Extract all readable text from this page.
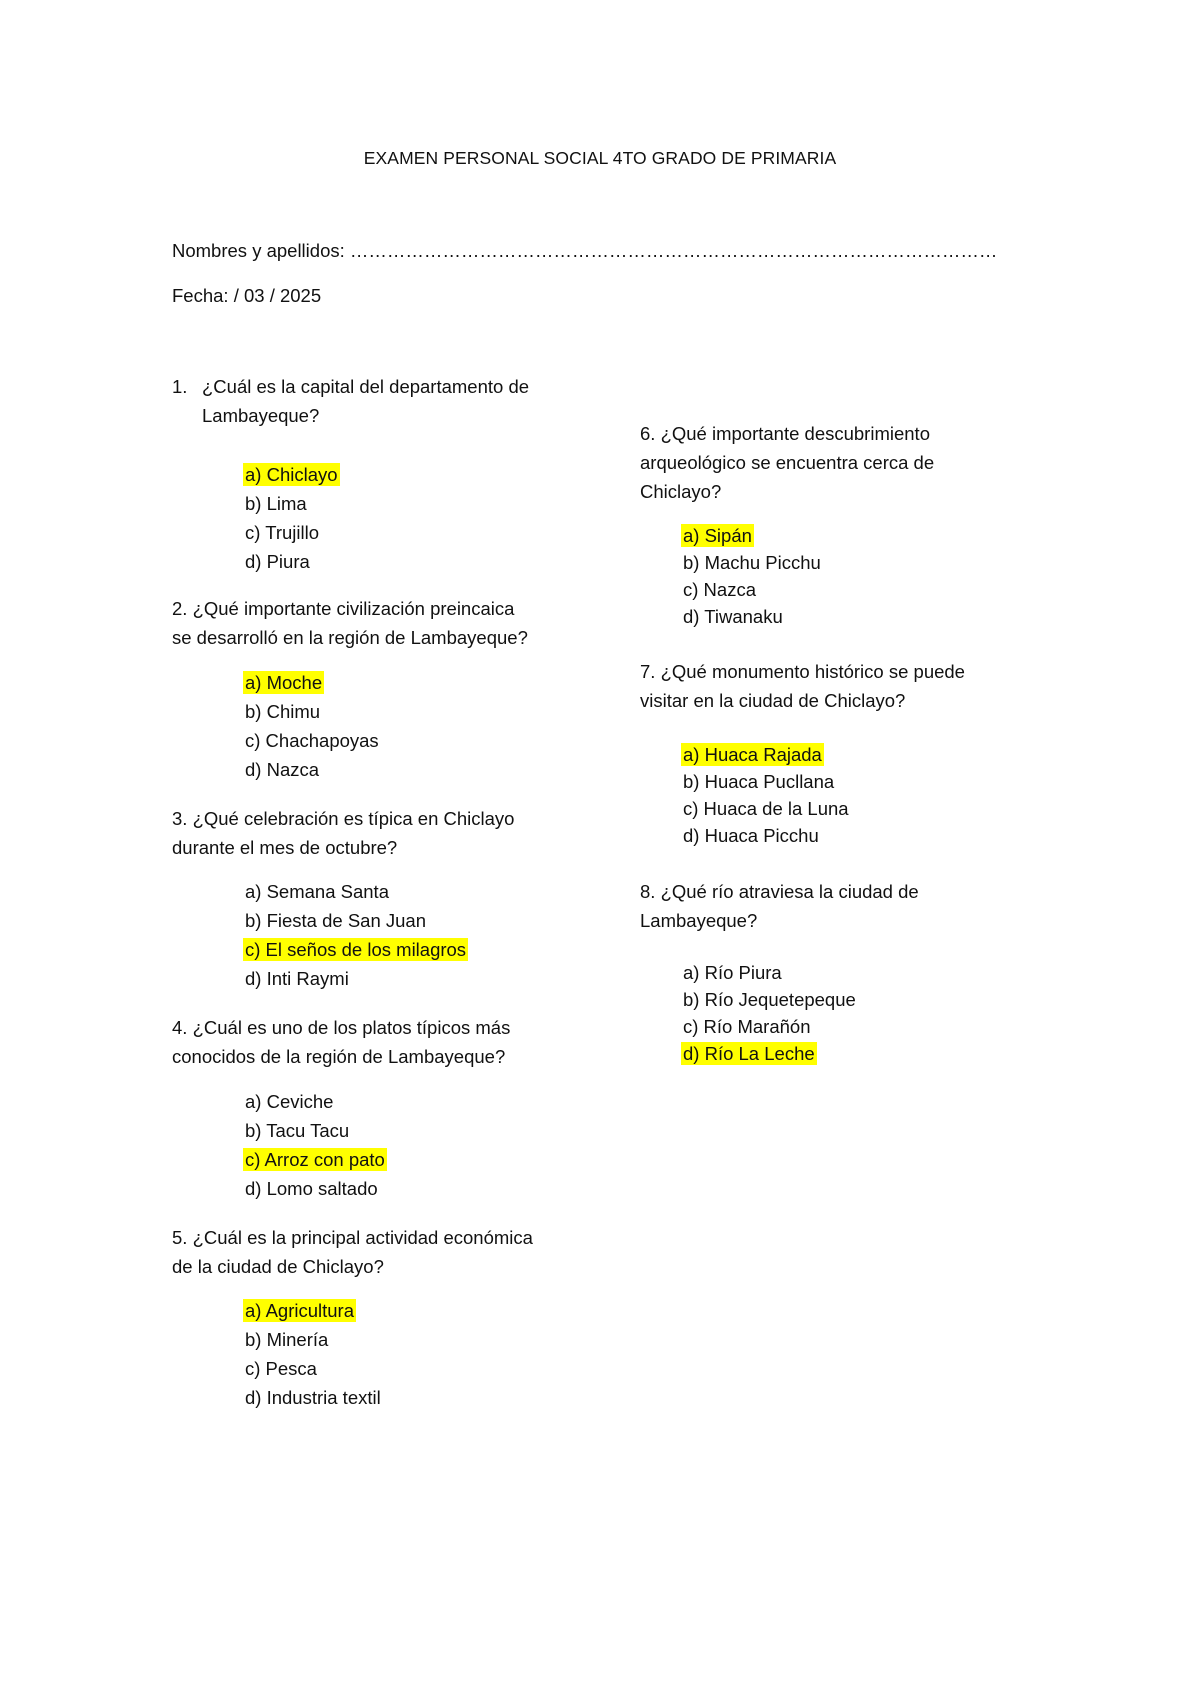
EXAMEN PERSONAL SOCIAL 4TO GRADO DE PRIMARIA
Nombres y apellidos: ……………………………………………………………………………………………
Fecha: / 03 / 2025
1. ¿Cuál es la capital del departamento de
Lambayeque?
a) Chiclayo
b) Lima
c) Trujillo
d) Piura
2. ¿Qué importante civilización preincaica
se desarrolló en la región de Lambayeque?
a) Moche
b) Chimu
c) Chachapoyas
d) Nazca
3. ¿Qué celebración es típica en Chiclayo
durante el mes de octubre?
a) Semana Santa
b) Fiesta de San Juan
c) El seños de los milagros
d) Inti Raymi
4. ¿Cuál es uno de los platos típicos más
conocidos de la región de Lambayeque?
a) Ceviche
b) Tacu Tacu
c) Arroz con pato
d) Lomo saltado
5. ¿Cuál es la principal actividad económica
de la ciudad de Chiclayo?
a) Agricultura
b) Minería
c) Pesca
d) Industria textil
6. ¿Qué importante descubrimiento
arqueológico se encuentra cerca de
Chiclayo?
a) Sipán
b) Machu Picchu
c) Nazca
d) Tiwanaku
7. ¿Qué monumento histórico se puede
visitar en la ciudad de Chiclayo?
a) Huaca Rajada
b) Huaca Pucllana
c) Huaca de la Luna
d) Huaca Picchu
8. ¿Qué río atraviesa la ciudad de
Lambayeque?
a) Río Piura
b) Río Jequetepeque
c) Río Marañón
d) Río La Leche
